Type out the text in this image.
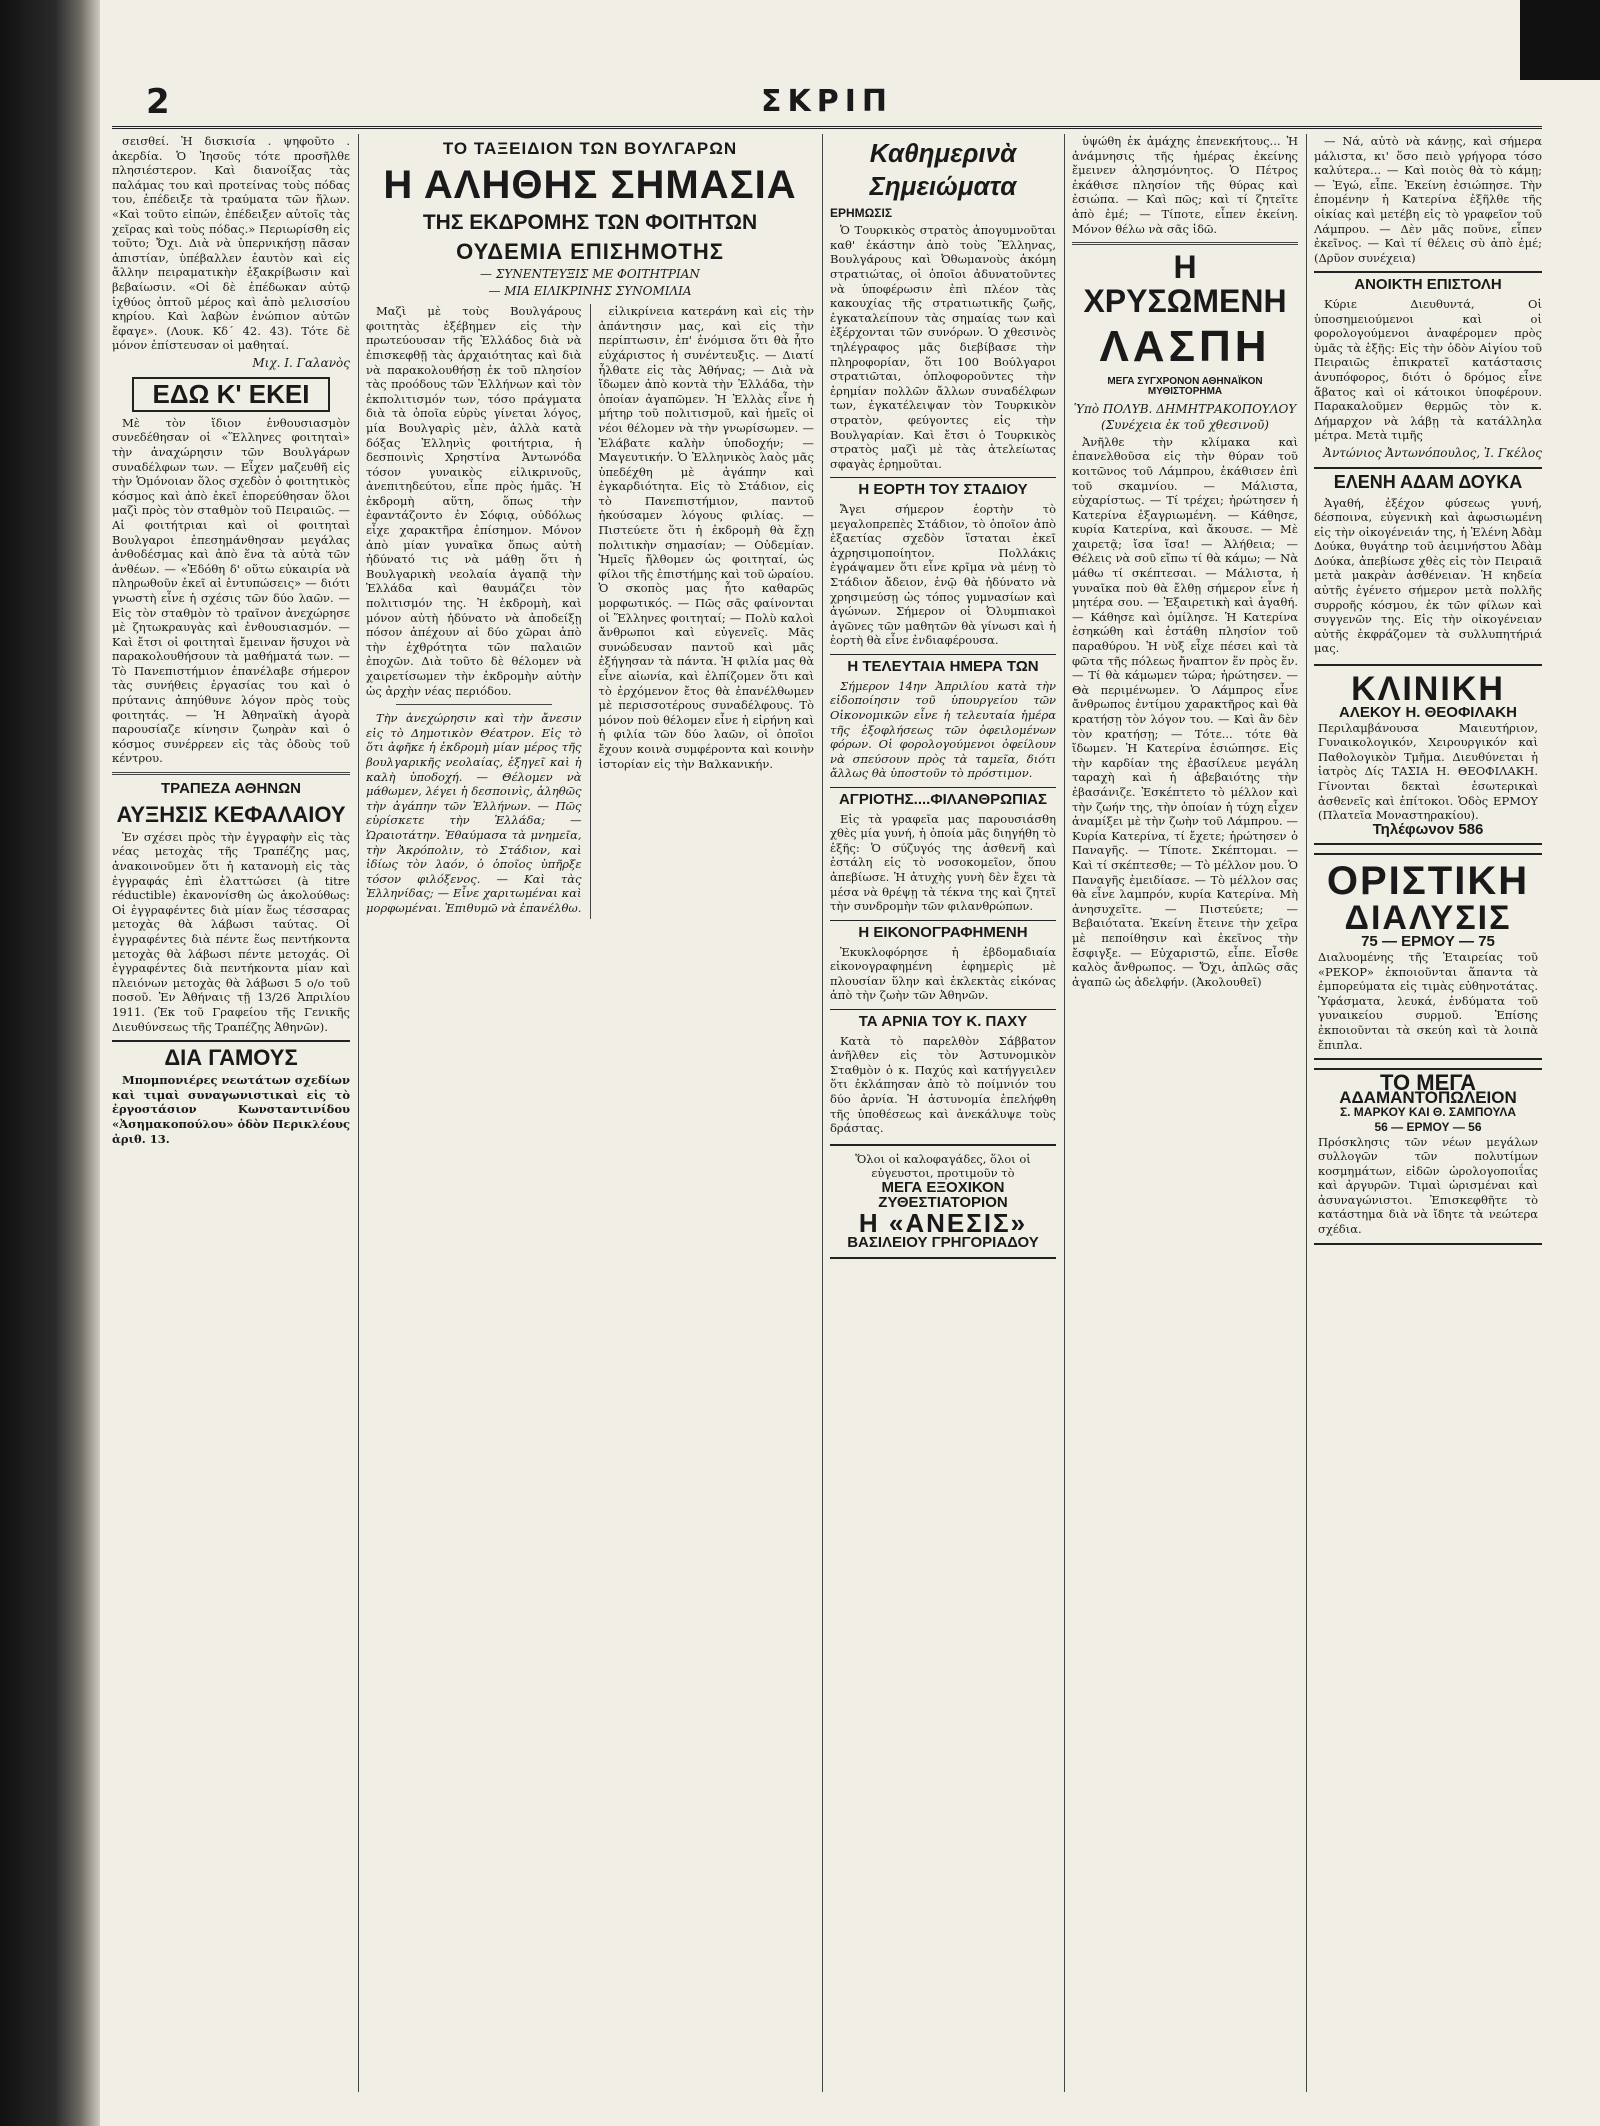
2	ΣΚΡΙΠ

σεισθεί. Ἡ δισκισία . ψηφοῦτο . ἀκερδία. Ὁ Ἰησοῦς τότε προσῆλθε πλησιέστερον. Καὶ διανοίξας τὰς παλάμας του καὶ προτείνας τοὺς πόδας του, ἐπέδειξε τὰ τραύματα τῶν ἥλων. «Καὶ τοῦτο εἰπών, ἐπέδειξεν αὐτοῖς τὰς χεῖρας καὶ τοὺς πόδας.» Περιωρίσθη εἰς τοῦτο; Ὄχι. Διὰ νὰ ὑπερνικήσῃ πᾶσαν ἀπιστίαν, ὑπέβαλλεν ἑαυτὸν καὶ εἰς ἄλλην πειραματικὴν ἐξακρίβωσιν καὶ βεβαίωσιν. «Οἱ δὲ ἐπέδωκαν αὐτῷ ἰχθύος ὀπτοῦ μέρος καὶ ἀπὸ μελισσίου κηρίου. Καὶ λαβὼν ἐνώπιον αὐτῶν ἔφαγε». (Λουκ. Κδ´ 42. 43). Τότε δὲ μόνον ἐπίστευσαν οἱ μαθηταί.

Μιχ. Ι. Γαλανὸς
ΕΔΩ Κ' ΕΚΕΙ

Μὲ τὸν ἴδιον ἐνθουσιασμὸν συνεδέθησαν οἱ «Ἕλληνες φοιτηταὶ» τὴν ἀναχώρησιν τῶν Βουλγάρων συναδέλφων των. — Εἶχεν μαζευθῆ εἰς τὴν Ὁμόνοιαν ὅλος σχεδὸν ὁ φοιτητικὸς κόσμος καὶ ἀπὸ ἐκεῖ ἐπορεύθησαν ὅλοι μαζὶ πρὸς τὸν σταθμὸν τοῦ Πειραιῶς. — Αἱ φοιτήτριαι καὶ οἱ φοιτηταὶ Βουλγαροι ἐπεσημάνθησαν μεγάλας ἀνθοδέσμας καὶ ἀπὸ ἕνα τὰ αὐτὰ τῶν ἀνθέων. — «Ἐδόθη δ' οὕτω εὐκαιρία νὰ πληρωθοῦν ἐκεῖ αἱ ἐντυπώσεις» — διότι γνωστὴ εἶνε ἡ σχέσις τῶν δύο λαῶν. — Εἰς τὸν σταθμὸν τὸ τραῖνον ἀνεχώρησε μὲ ζητωκραυγὰς καὶ ἐνθουσιασμόν. — Καὶ ἔτσι οἱ φοιτηταὶ ἔμειναν ἥσυχοι νὰ παρακολουθήσουν τὰ μαθήματά των. — Τὸ Πανεπιστήμιον ἐπανέλαβε σήμερον τὰς συνήθεις ἐργασίας του καὶ ὁ πρύτανις ἀπηύθυνε λόγον πρὸς τοὺς φοιτητάς. — Ἡ Ἀθηναϊκὴ ἀγορὰ παρουσίαζε κίνησιν ζωηρὰν καὶ ὁ κόσμος συνέρρεεν εἰς τὰς ὁδοὺς τοῦ κέντρου.

ΤΡΑΠΕΖΑ ΑΘΗΝΩΝ
ΑΥΞΗΣΙΣ ΚΕΦΑΛΑΙΟΥ

Ἐν σχέσει πρὸς τὴν ἐγγραφὴν εἰς τὰς νέας μετοχὰς τῆς Τραπέζης μας, ἀνακοινοῦμεν ὅτι ἡ κατανομὴ εἰς τὰς ἐγγραφάς ἐπὶ ἐλαττώσει (à titre réductible) ἐκανονίσθη ὡς ἀκολούθως: Οἱ ἐγγραφέντες διὰ μίαν ἕως τέσσαρας μετοχὰς θὰ λάβωσι ταύτας. Οἱ ἐγγραφέντες διὰ πέντε ἕως πεντήκοντα μετοχὰς θὰ λάβωσι πέντε μετοχάς. Οἱ ἐγγραφέντες διὰ πεντήκοντα μίαν καὶ πλειόνων μετοχὰς θὰ λάβωσι 5 ο/ο τοῦ ποσοῦ. Ἐν Ἀθήναις τῇ 13/26 Ἀπριλίου 1911. (Ἐκ τοῦ Γραφείου τῆς Γενικῆς Διευθύνσεως τῆς Τραπέζης Ἀθηνῶν).

ΔΙΑ ΓΑΜΟΥΣ

Μπομπονιέρες νεωτάτων σχεδίων καὶ τιμαὶ συναγωνιστικαὶ εἰς τὸ ἐργοστάσιον Κωνσταντινίδου «Ἀσημακοπούλου» ὁδὸν Περικλέους ἀριθ. 13.

ΤΟ ΤΑΞΕΙΔΙΟΝ ΤΩΝ ΒΟΥΛΓΑΡΩΝ
Η ΑΛΗΘΗΣ ΣΗΜΑΣΙΑ
ΤΗΣ ΕΚΔΡΟΜΗΣ ΤΩΝ ΦΟΙΤΗΤΩΝ
ΟΥΔΕΜΙΑ ΕΠΙΣΗΜΟΤΗΣ
— ΣΥΝΕΝΤΕΥΞΙΣ ΜΕ ΦΟΙΤΗΤΡΙΑΝ
— ΜΙΑ ΕΙΛΙΚΡΙΝΗΣ ΣΥΝΟΜΙΛΙΑ

Μαζὶ μὲ τοὺς Βουλγάρους φοιτητὰς ἐξέβημεν εἰς τὴν πρωτεύουσαν τῆς Ἑλλάδος διὰ νὰ ἐπισκεφθῇ τὰς ἀρχαιότητας καὶ διὰ νὰ παρακολουθήσῃ ἐκ τοῦ πλησίον τὰς προόδους τῶν Ἑλλήνων καὶ τὸν ἐκπολιτισμόν των, τόσο πράγματα διὰ τὰ ὁποῖα εὑρὺς γίνεται λόγος, μία Βουλγαρὶς μὲν, ἀλλὰ κατὰ δόξας Ἑλληνὶς φοιτήτρια, ἡ δεσποινὶς Χρηστίνα Ἀντωνόδα τόσον γυναικὸς εἰλικρινοῦς, ἀνεπιτηδεύτου, εἶπε πρὸς ἡμᾶς. Ἡ ἐκδρομὴ αὕτη, ὅπως τὴν ἐφαντάζοντο ἐν Σόφιᾳ, οὐδόλως εἶχε χαρακτῆρα ἐπίσημον. Μόνον ἀπὸ μίαν γυναῖκα ὅπως αὐτὴ ἠδύνατό τις νὰ μάθῃ ὅτι ἡ Βουλγαρικὴ νεολαία ἀγαπᾷ τὴν Ἑλλάδα καὶ θαυμάζει τὸν πολιτισμόν της. Ἡ ἐκδρομὴ, καὶ μόνον αὐτὴ ἠδύνατο νὰ ἀποδείξῃ πόσον ἀπέχουν αἱ δύο χῶραι ἀπὸ τὴν ἐχθρότητα τῶν παλαιῶν ἐποχῶν. Διὰ τοῦτο δὲ θέλομεν νὰ χαιρετίσωμεν τὴν ἐκδρομὴν αὐτὴν ὡς ἀρχὴν νέας περιόδου.

Τὴν ἀνεχώρησιν καὶ τὴν ἄνεσιν εἰς τὸ Δημοτικὸν Θέατρον. Εἰς τὸ ὅτι ἀφῆκε ἡ ἐκδρομὴ μίαν μέρος τῆς βουλγαρικῆς νεολαίας, ἐξηγεῖ καὶ ἡ καλὴ ὑποδοχή. — Θέλομεν νὰ μάθωμεν, λέγει ἡ δεσποινὶς, ἀληθῶς τὴν ἀγάπην τῶν Ἑλλήνων. — Πῶς εὑρίσκετε τὴν Ἑλλάδα; — Ὡραιοτάτην. Ἐθαύμασα τὰ μνημεῖα, τὴν Ἀκρόπολιν, τὸ Στάδιον, καὶ ἰδίως τὸν λαόν, ὁ ὁποῖος ὑπῆρξε τόσον φιλόξενος. — Καὶ τὰς Ἑλληνίδας; — Εἶνε χαριτωμέναι καὶ μορφωμέναι. Ἐπιθυμῶ νὰ ἐπανέλθω.

εἰλικρίνεια κατεράνη καὶ εἰς τὴν ἀπάντησιν μας, καὶ εἰς τὴν περίπτωσιν, ἐπ' ἐνόμισα ὅτι θὰ ἦτο εὐχάριστος ἡ συνέντευξις. — Διατί ἦλθατε εἰς τὰς Ἀθήνας; — Διὰ νὰ ἴδωμεν ἀπὸ κοντὰ τὴν Ἑλλάδα, τὴν ὁποίαν ἀγαπῶμεν. Ἡ Ἑλλὰς εἶνε ἡ μήτηρ τοῦ πολιτισμοῦ, καὶ ἡμεῖς οἱ νέοι θέλομεν νὰ τὴν γνωρίσωμεν. — Ἐλάβατε καλὴν ὑποδοχήν; — Μαγευτικήν. Ὁ Ἑλληνικὸς λαὸς μᾶς ὑπεδέχθη μὲ ἀγάπην καὶ ἐγκαρδιότητα. Εἰς τὸ Στάδιον, εἰς τὸ Πανεπιστήμιον, παντοῦ ἠκούσαμεν λόγους φιλίας. — Πιστεύετε ὅτι ἡ ἐκδρομὴ θὰ ἔχῃ πολιτικὴν σημασίαν; — Οὐδεμίαν. Ἡμεῖς ἤλθομεν ὡς φοιτηταί, ὡς φίλοι τῆς ἐπιστήμης καὶ τοῦ ὡραίου. Ὁ σκοπὸς μας ἦτο καθαρῶς μορφωτικός. — Πῶς σᾶς φαίνονται οἱ Ἕλληνες φοιτηταί; — Πολὺ καλοὶ ἄνθρωποι καὶ εὐγενεῖς. Μᾶς συνώδευσαν παντοῦ καὶ μᾶς ἐξήγησαν τὰ πάντα. Ἡ φιλία μας θὰ εἶνε αἰωνία, καὶ ἐλπίζομεν ὅτι καὶ τὸ ἐρχόμενον ἔτος θὰ ἐπανέλθωμεν μὲ περισσοτέρους συναδέλφους. Τὸ μόνον ποὺ θέλομεν εἶνε ἡ εἰρήνη καὶ ἡ φιλία τῶν δύο λαῶν, οἱ ὁποῖοι ἔχουν κοινὰ συμφέροντα καὶ κοινὴν ἱστορίαν εἰς τὴν Βαλκανικήν.

Καθημερινὰ
Σημειώματα
ΕΡΗΜΩΣΙΣ

Ὁ Τουρκικὸς στρατὸς ἀπογυμνοῦται καθ' ἑκάστην ἀπὸ τοὺς Ἕλληνας, Βουλγάρους καὶ Ὀθωμανοὺς ἀκόμη στρατιώτας, οἱ ὁποῖοι ἀδυνατοῦντες νὰ ὑποφέρωσιν ἐπὶ πλέον τὰς κακουχίας τῆς στρατιωτικῆς ζωῆς, ἐγκαταλείπουν τὰς σημαίας των καὶ ἐξέρχονται τῶν συνόρων. Ὁ χθεσινὸς τηλέγραφος μᾶς διεβίβασε τὴν πληροφορίαν, ὅτι 100 Βούλγαροι στρατιῶται, ὁπλοφοροῦντες τὴν ἐρημίαν πολλῶν ἄλλων συναδέλφων των, ἐγκατέλειψαν τὸν Τουρκικὸν στρατὸν, φεύγοντες εἰς τὴν Βουλγαρίαν. Καὶ ἔτσι ὁ Τουρκικὸς στρατὸς μαζὶ μὲ τὰς ἀτελείωτας σφαγὰς ἐρημοῦται.

Η ΕΟΡΤΗ ΤΟΥ ΣΤΑΔΙΟΥ

Ἄγει σήμερον ἑορτὴν τὸ μεγαλοπρεπὲς Στάδιον, τὸ ὁποῖον ἀπὸ ἐξαετίας σχεδὸν ἵσταται ἐκεῖ ἀχρησιμοποίητον. Πολλάκις ἐγράψαμεν ὅτι εἶνε κρῖμα νὰ μένῃ τὸ Στάδιον ἄδειον, ἐνῷ θὰ ἠδύνατο νὰ χρησιμεύσῃ ὡς τόπος γυμνασίων καὶ ἀγώνων. Σήμερον οἱ Ὀλυμπιακοὶ ἀγῶνες τῶν μαθητῶν θὰ γίνωσι καὶ ἡ ἑορτὴ θὰ εἶνε ἐνδιαφέρουσα.

Η ΤΕΛΕΥΤΑΙΑ ΗΜΕΡΑ ΤΩΝ

Σήμερον 14ην Ἀπριλίου κατὰ τὴν εἰδοποίησιν τοῦ ὑπουργείου τῶν Οἰκονομικῶν εἶνε ἡ τελευταία ἡμέρα τῆς ἐξοφλήσεως τῶν ὀφειλομένων φόρων. Οἱ φορολογούμενοι ὀφείλουν νὰ σπεύσουν πρὸς τὰ ταμεῖα, διότι ἄλλως θὰ ὑποστοῦν τὸ πρόστιμον.

ΑΓΡΙΟΤΗΣ....ΦΙΛΑΝΘΡΩΠΙΑΣ

Εἰς τὰ γραφεῖα μας παρουσιάσθη χθὲς μία γυνή, ἡ ὁποία μᾶς διηγήθη τὸ ἑξῆς: Ὁ σύζυγός της ἀσθενῆ καὶ ἐστάλη εἰς τὸ νοσοκομεῖον, ὅπου ἀπεβίωσε. Ἡ ἀτυχὴς γυνὴ δὲν ἔχει τὰ μέσα νὰ θρέψῃ τὰ τέκνα της καὶ ζητεῖ τὴν συνδρομὴν τῶν φιλανθρώπων.

Η ΕΙΚΟΝΟΓΡΑΦΗΜΕΝΗ

Ἐκυκλοφόρησε ἡ ἑβδομαδιαία εἰκονογραφημένη ἐφημερὶς μὲ πλουσίαν ὕλην καὶ ἐκλεκτὰς εἰκόνας ἀπὸ τὴν ζωὴν τῶν Ἀθηνῶν.

ΤΑ ΑΡΝΙΑ ΤΟΥ Κ. ΠΑΧΥ

Κατὰ τὸ παρελθὸν Σάββατον ἀνῆλθεν εἰς τὸν Ἀστυνομικὸν Σταθμὸν ὁ κ. Παχύς καὶ κατήγγειλεν ὅτι ἐκλάπησαν ἀπὸ τὸ ποίμνιόν του δύο ἀρνία. Ἡ ἀστυνομία ἐπελήφθη τῆς ὑποθέσεως καὶ ἀνεκάλυψε τοὺς δράστας.

Ὅλοι οἱ καλοφαγάδες, ὅλοι οἱ εὐγευστοι, προτιμοῦν τὸ
ΜΕΓΑ ΕΞΟΧΙΚΟΝ ΖΥΘΕΣΤΙΑΤΟΡΙΟΝ
Η «ΑΝΕΣΙΣ»
ΒΑΣΙΛΕΙΟΥ ΓΡΗΓΟΡΙΑΔΟΥ

ὑψώθη ἐκ ἀμάχης ἐπενεκήτους... Ἡ ἀνάμνησις τῆς ἡμέρας ἐκείνης ἔμεινεν ἀλησμόνητος. Ὁ Πέτρος ἐκάθισε πλησίον τῆς θύρας καὶ ἐσιώπα. — Καὶ πῶς; καὶ τί ζητεῖτε ἀπὸ ἐμέ; — Τίποτε, εἶπεν ἐκείνη. Μόνον θέλω νὰ σᾶς ἰδῶ.

Η ΧΡΥΣΩΜΕΝΗ
ΛΑΣΠΗ
ΜΕΓΑ ΣΥΓΧΡΟΝΟΝ ΑΘΗΝΑΪΚΟΝ ΜΥΘΙΣΤΟΡΗΜΑ
Ὑπὸ ΠΟΛΥΒ. ΔΗΜΗΤΡΑΚΟΠΟΥΛΟΥ
(Συνέχεια ἐκ τοῦ χθεσινοῦ)

Ἀνῆλθε τὴν κλίμακα καὶ ἐπανελθοῦσα εἰς τὴν θύραν τοῦ κοιτῶνος τοῦ Λάμπρου, ἐκάθισεν ἐπὶ τοῦ σκαμνίου. — Μάλιστα, εὐχαρίστως. — Τί τρέχει; ἠρώτησεν ἡ Κατερίνα ἐξαγριωμένη. — Κάθησε, κυρία Κατερίνα, καὶ ἄκουσε. — Μὲ χαιρετᾷ; ἴσα ἴσα! — Ἀλήθεια; — Θέλεις νὰ σοῦ εἴπω τί θὰ κάμω; — Νὰ μάθω τί σκέπτεσαι. — Μάλιστα, ἡ γυναῖκα ποὺ θὰ ἔλθῃ σήμερον εἶνε ἡ μητέρα σου. — Ἐξαιρετικὴ καὶ ἀγαθή. — Κάθησε καὶ ὁμίλησε. Ἡ Κατερίνα ἐσηκώθη καὶ ἐστάθη πλησίον τοῦ παραθύρου. Ἡ νὺξ εἶχε πέσει καὶ τὰ φῶτα τῆς πόλεως ἤναπτον ἕν πρὸς ἕν. — Τί θὰ κάμωμεν τώρα; ἠρώτησεν. — Θὰ περιμένωμεν. Ὁ Λάμπρος εἶνε ἄνθρωπος ἐντίμου χαρακτῆρος καὶ θὰ κρατήσῃ τὸν λόγον του. — Καὶ ἂν δὲν τὸν κρατήσῃ; — Τότε... τότε θὰ ἴδωμεν. Ἡ Κατερίνα ἐσιώπησε. Εἰς τὴν καρδίαν της ἐβασίλευε μεγάλη ταραχὴ καὶ ἡ ἀβεβαιότης τὴν ἐβασάνιζε. Ἐσκέπτετο τὸ μέλλον καὶ τὴν ζωήν της, τὴν ὁποίαν ἡ τύχη εἶχεν ἀναμίξει μὲ τὴν ζωὴν τοῦ Λάμπρου. — Κυρία Κατερίνα, τί ἔχετε; ἠρώτησεν ὁ Παναγῆς. — Τίποτε. Σκέπτομαι. — Καὶ τί σκέπτεσθε; — Τὸ μέλλον μου. Ὁ Παναγῆς ἐμειδίασε. — Τὸ μέλλον σας θὰ εἶνε λαμπρόν, κυρία Κατερίνα. Μὴ ἀνησυχεῖτε. — Πιστεύετε; — Βεβαιότατα. Ἐκείνη ἔτεινε τὴν χεῖρα μὲ πεποίθησιν καὶ ἐκεῖνος τὴν ἔσφιγξε. — Εὐχαριστῶ, εἶπε. Εἶσθε καλὸς ἄνθρωπος. — Ὄχι, ἁπλῶς σᾶς ἀγαπῶ ὡς ἀδελφήν. (Ἀκολουθεῖ)

— Νά, αὐτὸ νὰ κάνῃς, καὶ σήμερα μάλιστα, κι' ὅσο πειὸ γρήγορα τόσο καλύτερα... — Καὶ ποιὸς θὰ τὸ κάμῃ; — Ἐγώ, εἶπε. Ἐκείνη ἐσιώπησε. Τὴν ἐπομένην ἡ Κατερίνα ἐξῆλθε τῆς οἰκίας καὶ μετέβη εἰς τὸ γραφεῖον τοῦ Λάμπρου. — Δὲν μᾶς ποῦνε, εἶπεν ἐκεῖνος. — Καὶ τί θέλεις σὺ ἀπὸ ἐμέ; (Δρῦον συνέχεια)

ΑΝΟΙΚΤΗ ΕΠΙΣΤΟΛΗ

Κύριε Διευθυντά, Οἱ ὑποσημειούμενοι καὶ οἱ φορολογούμενοι ἀναφέρομεν πρὸς ὑμᾶς τὰ ἑξῆς: Εἰς τὴν ὁδὸν Αἰγίου τοῦ Πειραιῶς ἐπικρατεῖ κατάστασις ἀνυπόφορος, διότι ὁ δρόμος εἶνε ἄβατος καὶ οἱ κάτοικοι ὑποφέρουν. Παρακαλοῦμεν θερμῶς τὸν κ. Δήμαρχον νὰ λάβῃ τὰ κατάλληλα μέτρα. Μετὰ τιμῆς

Ἀντώνιος Ἀντωνόπουλος, Ἰ. Γκέλος
ΕΛΕΝΗ ΑΔΑΜ ΔΟΥΚΑ

Ἀγαθή, ἐξέχον φύσεως γυνή, δέσποινα, εὐγενικὴ καὶ ἀφωσιωμένη εἰς τὴν οἰκογένειάν της, ἡ Ἑλένη Ἀδὰμ Δούκα, θυγάτηρ τοῦ ἀειμνήστου Ἀδὰμ Δούκα, ἀπεβίωσε χθὲς εἰς τὸν Πειραιᾶ μετὰ μακρὰν ἀσθένειαν. Ἡ κηδεία αὐτῆς ἐγένετο σήμερον μετὰ πολλῆς συρροῆς κόσμου, ἐκ τῶν φίλων καὶ συγγενῶν της. Εἰς τὴν οἰκογένειαν αὐτῆς ἐκφράζομεν τὰ συλλυπητήριά μας.

ΚΛΙΝΙΚΗ
ΑΛΕΚΟΥ Η. ΘΕΟΦΙΛΑΚΗ
Περιλαμβάνουσα Μαιευτήριον, Γυναικολογικόν, Χειρουργικόν καὶ Παθολογικὸν Τμῆμα. Διευθύνεται ἡ ἰατρὸς Δίς ΤΑΣΙΑ Η. ΘΕΟΦΙΛΑΚΗ. Γίνονται δεκταὶ ἐσωτερικαὶ ἀσθενεῖς καὶ ἐπίτοκοι. Ὁδὸς ΕΡΜΟΥ (Πλατεῖα Μοναστηρακίου).
Τηλέφωνον 586
ΟΡΙΣΤΙΚΗ
ΔΙΑΛΥΣΙΣ
75 — ΕΡΜΟΥ — 75
Διαλυομένης τῆς Ἑταιρείας τοῦ «ΡΕΚΟΡ» ἐκποιοῦνται ἅπαντα τὰ ἐμπορεύματα εἰς τιμὰς εὐθηνοτάτας. Ὑφάσματα, λευκά, ἐνδύματα τοῦ γυναικείου συρμοῦ. Ἐπίσης ἐκποιοῦνται τὰ σκεύη καὶ τὰ λοιπὰ ἔπιπλα.
ΤΟ ΜΕΓΑ
ΑΔΑΜΑΝΤΟΠΩΛΕΙΟΝ
Σ. ΜΑΡΚΟΥ ΚΑΙ Θ. ΣΑΜΠΟΥΛΑ
56 — ΕΡΜΟΥ — 56
Πρόσκλησις τῶν νέων μεγάλων συλλογῶν τῶν πολυτίμων κοσμημάτων, εἰδῶν ὡρολογοποιΐας καὶ ἀργυρῶν. Τιμαὶ ὡρισμέναι καὶ ἀσυναγώνιστοι. Ἐπισκεφθῆτε τὸ κατάστημα διὰ νὰ ἴδητε τὰ νεώτερα σχέδια.
